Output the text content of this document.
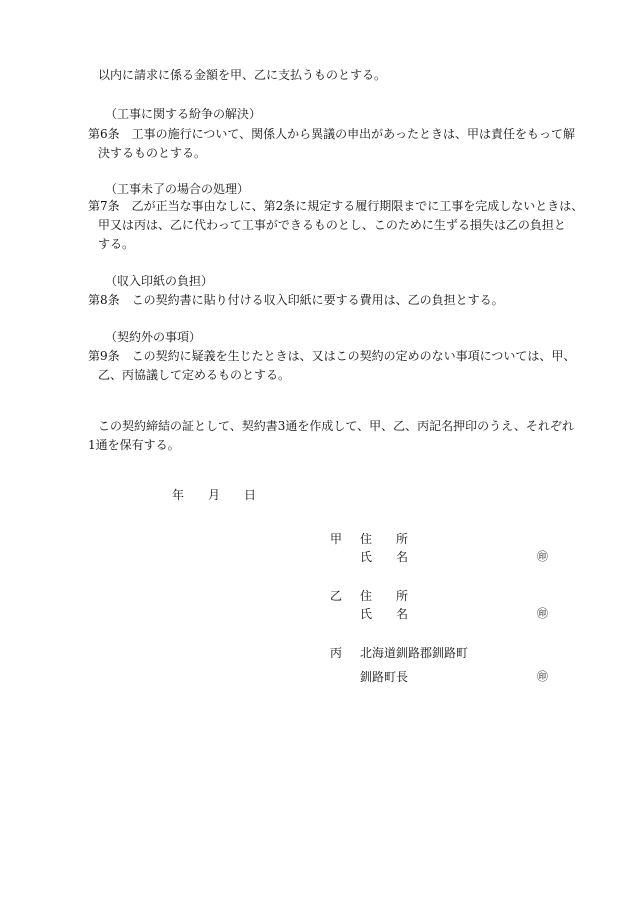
以内に請求に係る金額を甲、乙に支払うものとする。
（工事に関する紛争の解決）
第6条　工事の施行について、関係人から異議の申出があったときは、甲は責任をもって解
決するものとする。
（工事未了の場合の処理）
第7条　乙が正当な事由なしに、第2条に規定する履行期限までに工事を完成しないときは、
甲又は丙は、乙に代わって工事ができるものとし、このために生ずる損失は乙の負担と
する。
（収入印紙の負担）
第8条　この契約書に貼り付ける収入印紙に要する費用は、乙の負担とする。
（契約外の事項）
第9条　この契約に疑義を生じたときは、又はこの契約の定めのない事項については、甲、
乙、丙協議して定めるものとする。
この契約締結の証として、契約書3通を作成して、甲、乙、丙記名押印のうえ、それぞれ
1通を保有する。
年 月 日
甲 住　　所
氏　　名	㊞
乙 住　　所
氏　　名	㊞
丙 北海道釧路郡釧路町
釧路町長	㊞
